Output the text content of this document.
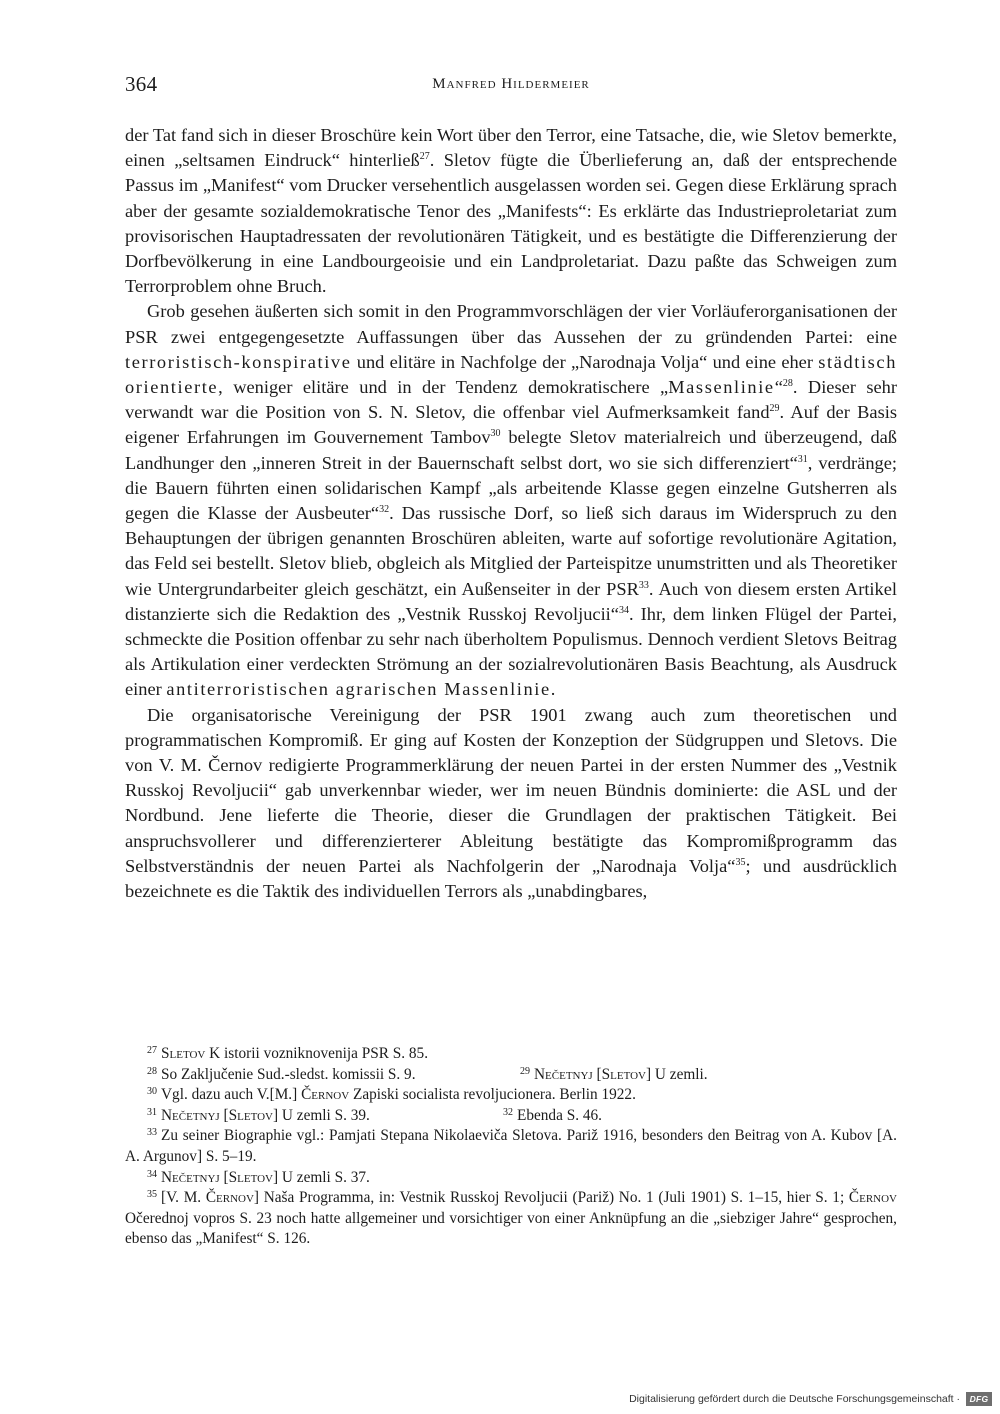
364	Manfred Hildermeier

der Tat fand sich in dieser Broschüre kein Wort über den Terror, eine Tatsache, die, wie Sletov bemerkte, einen „seltsamen Eindruck“ hinterließ$^{27}$. Sletov fügte die Überlieferung an, daß der entsprechende Passus im „Manifest“ vom Drucker versehentlich ausgelassen worden sei. Gegen diese Erklärung sprach aber der gesamte sozialdemokratische Tenor des „Manifests“: Es erklärte das Industrieproletariat zum provisorischen Hauptadressaten der revolutionären Tätigkeit, und es bestätigte die Differenzierung der Dorfbevölkerung in eine Landbourgeoisie und ein Landproletariat. Dazu paßte das Schweigen zum Terrorproblem ohne Bruch.

Grob gesehen äußerten sich somit in den Programmvorschlägen der vier Vorläuferorganisationen der PSR zwei entgegengesetzte Auffassungen über das Aussehen der zu gründenden Partei: eine terroristisch-konspirative und elitäre in Nachfolge der „Narodnaja Volja“ und eine eher städtisch orientierte, weniger elitäre und in der Tendenz demokratischere „Massenlinie“$^{28}$. Dieser sehr verwandt war die Position von S. N. Sletov, die offenbar viel Aufmerksamkeit fand$^{29}$. Auf der Basis eigener Erfahrungen im Gouvernement Tambov$^{30}$ belegte Sletov materialreich und überzeugend, daß Landhunger den „inneren Streit in der Bauernschaft selbst dort, wo sie sich differenziert“$^{31}$, verdränge; die Bauern führten einen solidarischen Kampf „als arbeitende Klasse gegen einzelne Gutsherren als gegen die Klasse der Ausbeuter“$^{32}$. Das russische Dorf, so ließ sich daraus im Widerspruch zu den Behauptungen der übrigen genannten Broschüren ableiten, warte auf sofortige revolutionäre Agitation, das Feld sei bestellt. Sletov blieb, obgleich als Mitglied der Parteispitze unumstritten und als Theoretiker wie Untergrundarbeiter gleich geschätzt, ein Außenseiter in der PSR$^{33}$. Auch von diesem ersten Artikel distanzierte sich die Redaktion des „Vestnik Russkoj Revoljucii“$^{34}$. Ihr, dem linken Flügel der Partei, schmeckte die Position offenbar zu sehr nach überholtem Populismus. Dennoch verdient Sletovs Beitrag als Artikulation einer verdeckten Strömung an der sozialrevolutionären Basis Beachtung, als Ausdruck einer antiterroristischen agrarischen Massenlinie.

Die organisatorische Vereinigung der PSR 1901 zwang auch zum theoretischen und programmatischen Kompromiß. Er ging auf Kosten der Konzeption der Südgruppen und Sletovs. Die von V. M. Černov redigierte Programmerklärung der neuen Partei in der ersten Nummer des „Vestnik Russkoj Revoljucii“ gab unverkennbar wieder, wer im neuen Bündnis dominierte: die ASL und der Nordbund. Jene lieferte die Theorie, dieser die Grundlagen der praktischen Tätigkeit. Bei anspruchsvollerer und differenzierterer Ableitung bestätigte das Kompromißprogramm das Selbstverständnis der neuen Partei als Nachfolgerin der „Narodnaja Volja“$^{35}$; und ausdrücklich bezeichnete es die Taktik des individuellen Terrors als „unabdingbares,

$^{27}$ Sletov K istorii vozniknovenija PSR S. 85.

$^{28}$ So Zaključenie Sud.-sledst. komissii S. 9.	$^{29}$ Nečetnyj [Sletov] U zemli.

$^{30}$ Vgl. dazu auch V.[M.] Černov Zapiski socialista revoljucionera. Berlin 1922.

$^{31}$ Nečetnyj [Sletov] U zemli S. 39.	$^{32}$ Ebenda S. 46.

$^{33}$ Zu seiner Biographie vgl.: Pamjati Stepana Nikolaeviča Sletova. Pariž 1916, besonders den Beitrag von A. Kubov [A. A. Argunov] S. 5–19.

$^{34}$ Nečetnyj [Sletov] U zemli S. 37.

$^{35}$ [V. M. Černov] Naša Programma, in: Vestnik Russkoj Revoljucii (Pariž) No. 1 (Juli 1901) S. 1–15, hier S. 1; Černov Očerednoj vopros S. 23 noch hatte allgemeiner und vorsichtiger von einer Anknüpfung an die „siebziger Jahre“ gesprochen, ebenso das „Manifest“ S. 126.

Digitalisierung gefördert durch die Deutsche Forschungsgemeinschaft ·	DFG
